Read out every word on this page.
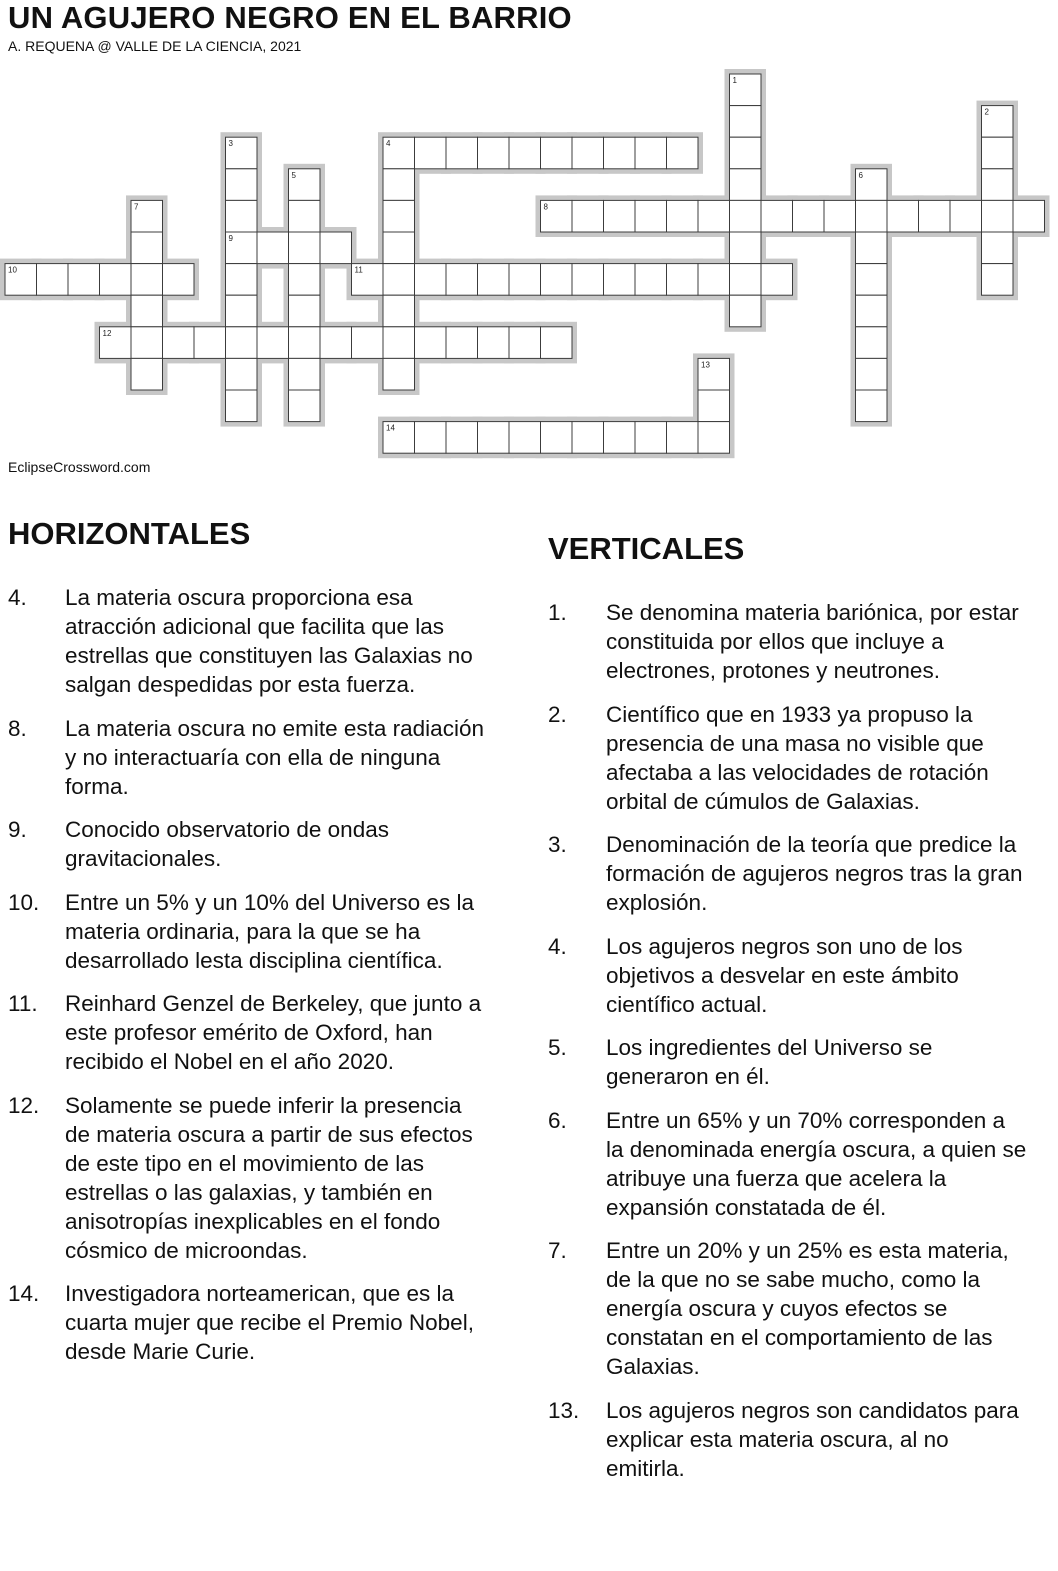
UN AGUJERO NEGRO EN EL BARRIO

A. REQUENA @ VALLE DE LA CIENCIA, 2021

1
2
3
9
4
5	6
7	8
10	11
12
13
14

EclipseCrossword.com

HORIZONTALES
4.	La materia oscura proporciona esa atracción adicional que facilita que las estrellas que constituyen las Galaxias no salgan despedidas por esta fuerza.
8.	La materia oscura no emite esta radiación y no interactuaría con ella de ninguna forma.
9.	Conocido observatorio de ondas gravitacionales.
10.	Entre un 5% y un 10% del Universo es la materia ordinaria, para la que se ha desarrollado lesta disciplina científica.
11.	Reinhard Genzel de Berkeley, que junto a este profesor emérito de Oxford, han recibido el Nobel en el año 2020.
12.	Solamente se puede inferir la presencia de materia oscura a partir de sus efectos de este tipo en el movimiento de las estrellas o las galaxias, y también en anisotropías inexplicables en el fondo cósmico de microondas.
14.	Investigadora norteamerican, que es la cuarta mujer que recibe el Premio Nobel, desde Marie Curie.
VERTICALES
1.	Se denomina materia bariónica, por estar constituida por ellos que incluye a electrones, protones y neutrones.
2.	Científico que en 1933 ya propuso la presencia de una masa no visible que afectaba a las velocidades de rotación orbital de cúmulos de Galaxias.
3.	Denominación de la teoría que predice la formación de agujeros negros tras la gran explosión.
4.	Los agujeros negros son uno de los objetivos a desvelar en este ámbito científico actual.
5.	Los ingredientes del Universo se generaron en él.
6.	Entre un 65% y un 70% corresponden a la denominada energía oscura, a quien se atribuye una fuerza que acelera la expansión constatada de él.
7.	Entre un 20% y un 25% es esta materia, de la que no se sabe mucho, como la energía oscura y cuyos efectos se constatan en el comportamiento de las Galaxias.
13.	Los agujeros negros son candidatos para explicar esta materia oscura, al no emitirla.
